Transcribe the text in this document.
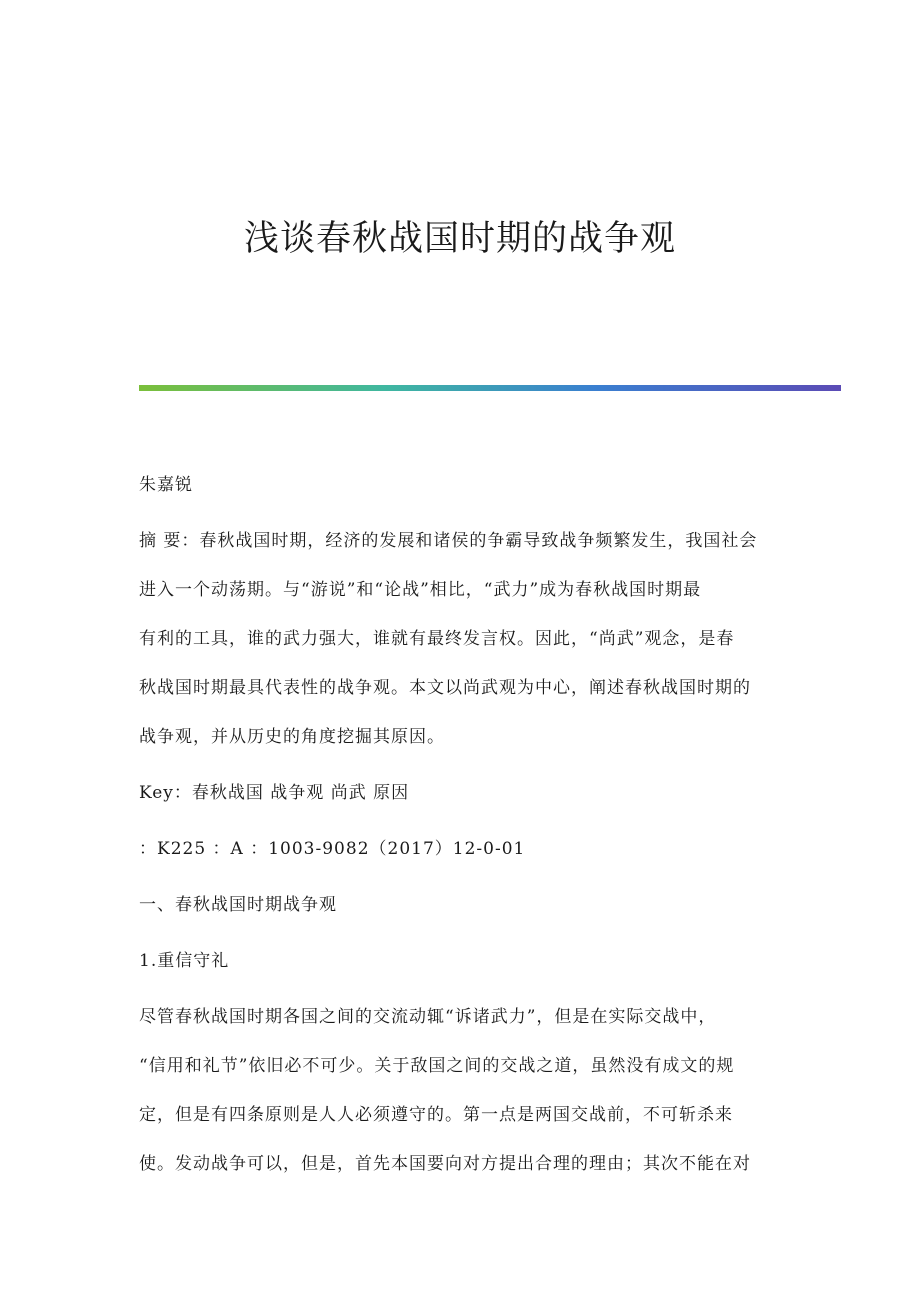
浅谈春秋战国时期的战争观
朱嘉锐
摘 要：春秋战国时期，经济的发展和诸侯的争霸导致战争频繁发生，我国社会
进入一个动荡期。与“游说”和“论战”相比，“武力”成为春秋战国时期最
有利的工具，谁的武力强大，谁就有最终发言权。因此，“尚武”观念，是春
秋战国时期最具代表性的战争观。本文以尚武观为中心，阐述春秋战国时期的
战争观，并从历史的角度挖掘其原因。
Key：春秋战国 战争观 尚武 原因
：K225 ：A ：1003-9082（2017）12-0-01
一、春秋战国时期战争观
1.重信守礼
尽管春秋战国时期各国之间的交流动辄“诉诸武力”，但是在实际交战中，
“信用和礼节”依旧必不可少。关于敌国之间的交战之道，虽然没有成文的规
定，但是有四条原则是人人必须遵守的。第一点是两国交战前，不可斩杀来
使。发动战争可以，但是，首先本国要向对方提出合理的理由；其次不能在对
